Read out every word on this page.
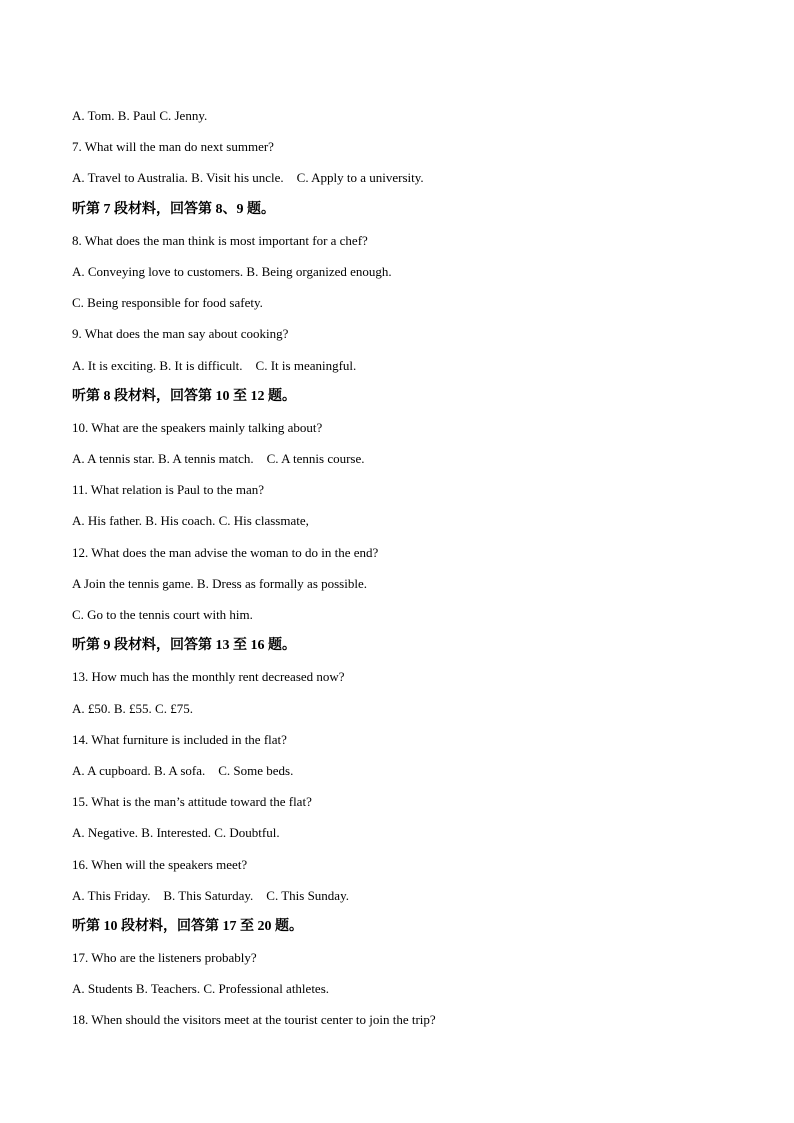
A. Tom. B. Paul C. Jenny.
7. What will the man do next summer?
A. Travel to Australia. B. Visit his uncle.    C. Apply to a university.
听第 7 段材料，回答第 8、9 题。
8. What does the man think is most important for a chef?
A. Conveying love to customers. B. Being organized enough.
C. Being responsible for food safety.
9. What does the man say about cooking?
A. It is exciting. B. It is difficult.    C. It is meaningful.
听第 8 段材料，回答第 10 至 12 题。
10. What are the speakers mainly talking about?
A. A tennis star. B. A tennis match.    C. A tennis course.
11. What relation is Paul to the man?
A. His father. B. His coach. C. His classmate,
12. What does the man advise the woman to do in the end?
A Join the tennis game. B. Dress as formally as possible.
C. Go to the tennis court with him.
听第 9 段材料，回答第 13 至 16 题。
13. How much has the monthly rent decreased now?
A. £50. B. £55. C. £75.
14. What furniture is included in the flat?
A. A cupboard. B. A sofa.    C. Some beds.
15. What is the man’s attitude toward the flat?
A. Negative. B. Interested. C. Doubtful.
16. When will the speakers meet?
A. This Friday.    B. This Saturday.    C. This Sunday.
听第 10 段材料，回答第 17 至 20 题。
17. Who are the listeners probably?
A. Students B. Teachers. C. Professional athletes.
18. When should the visitors meet at the tourist center to join the trip?
